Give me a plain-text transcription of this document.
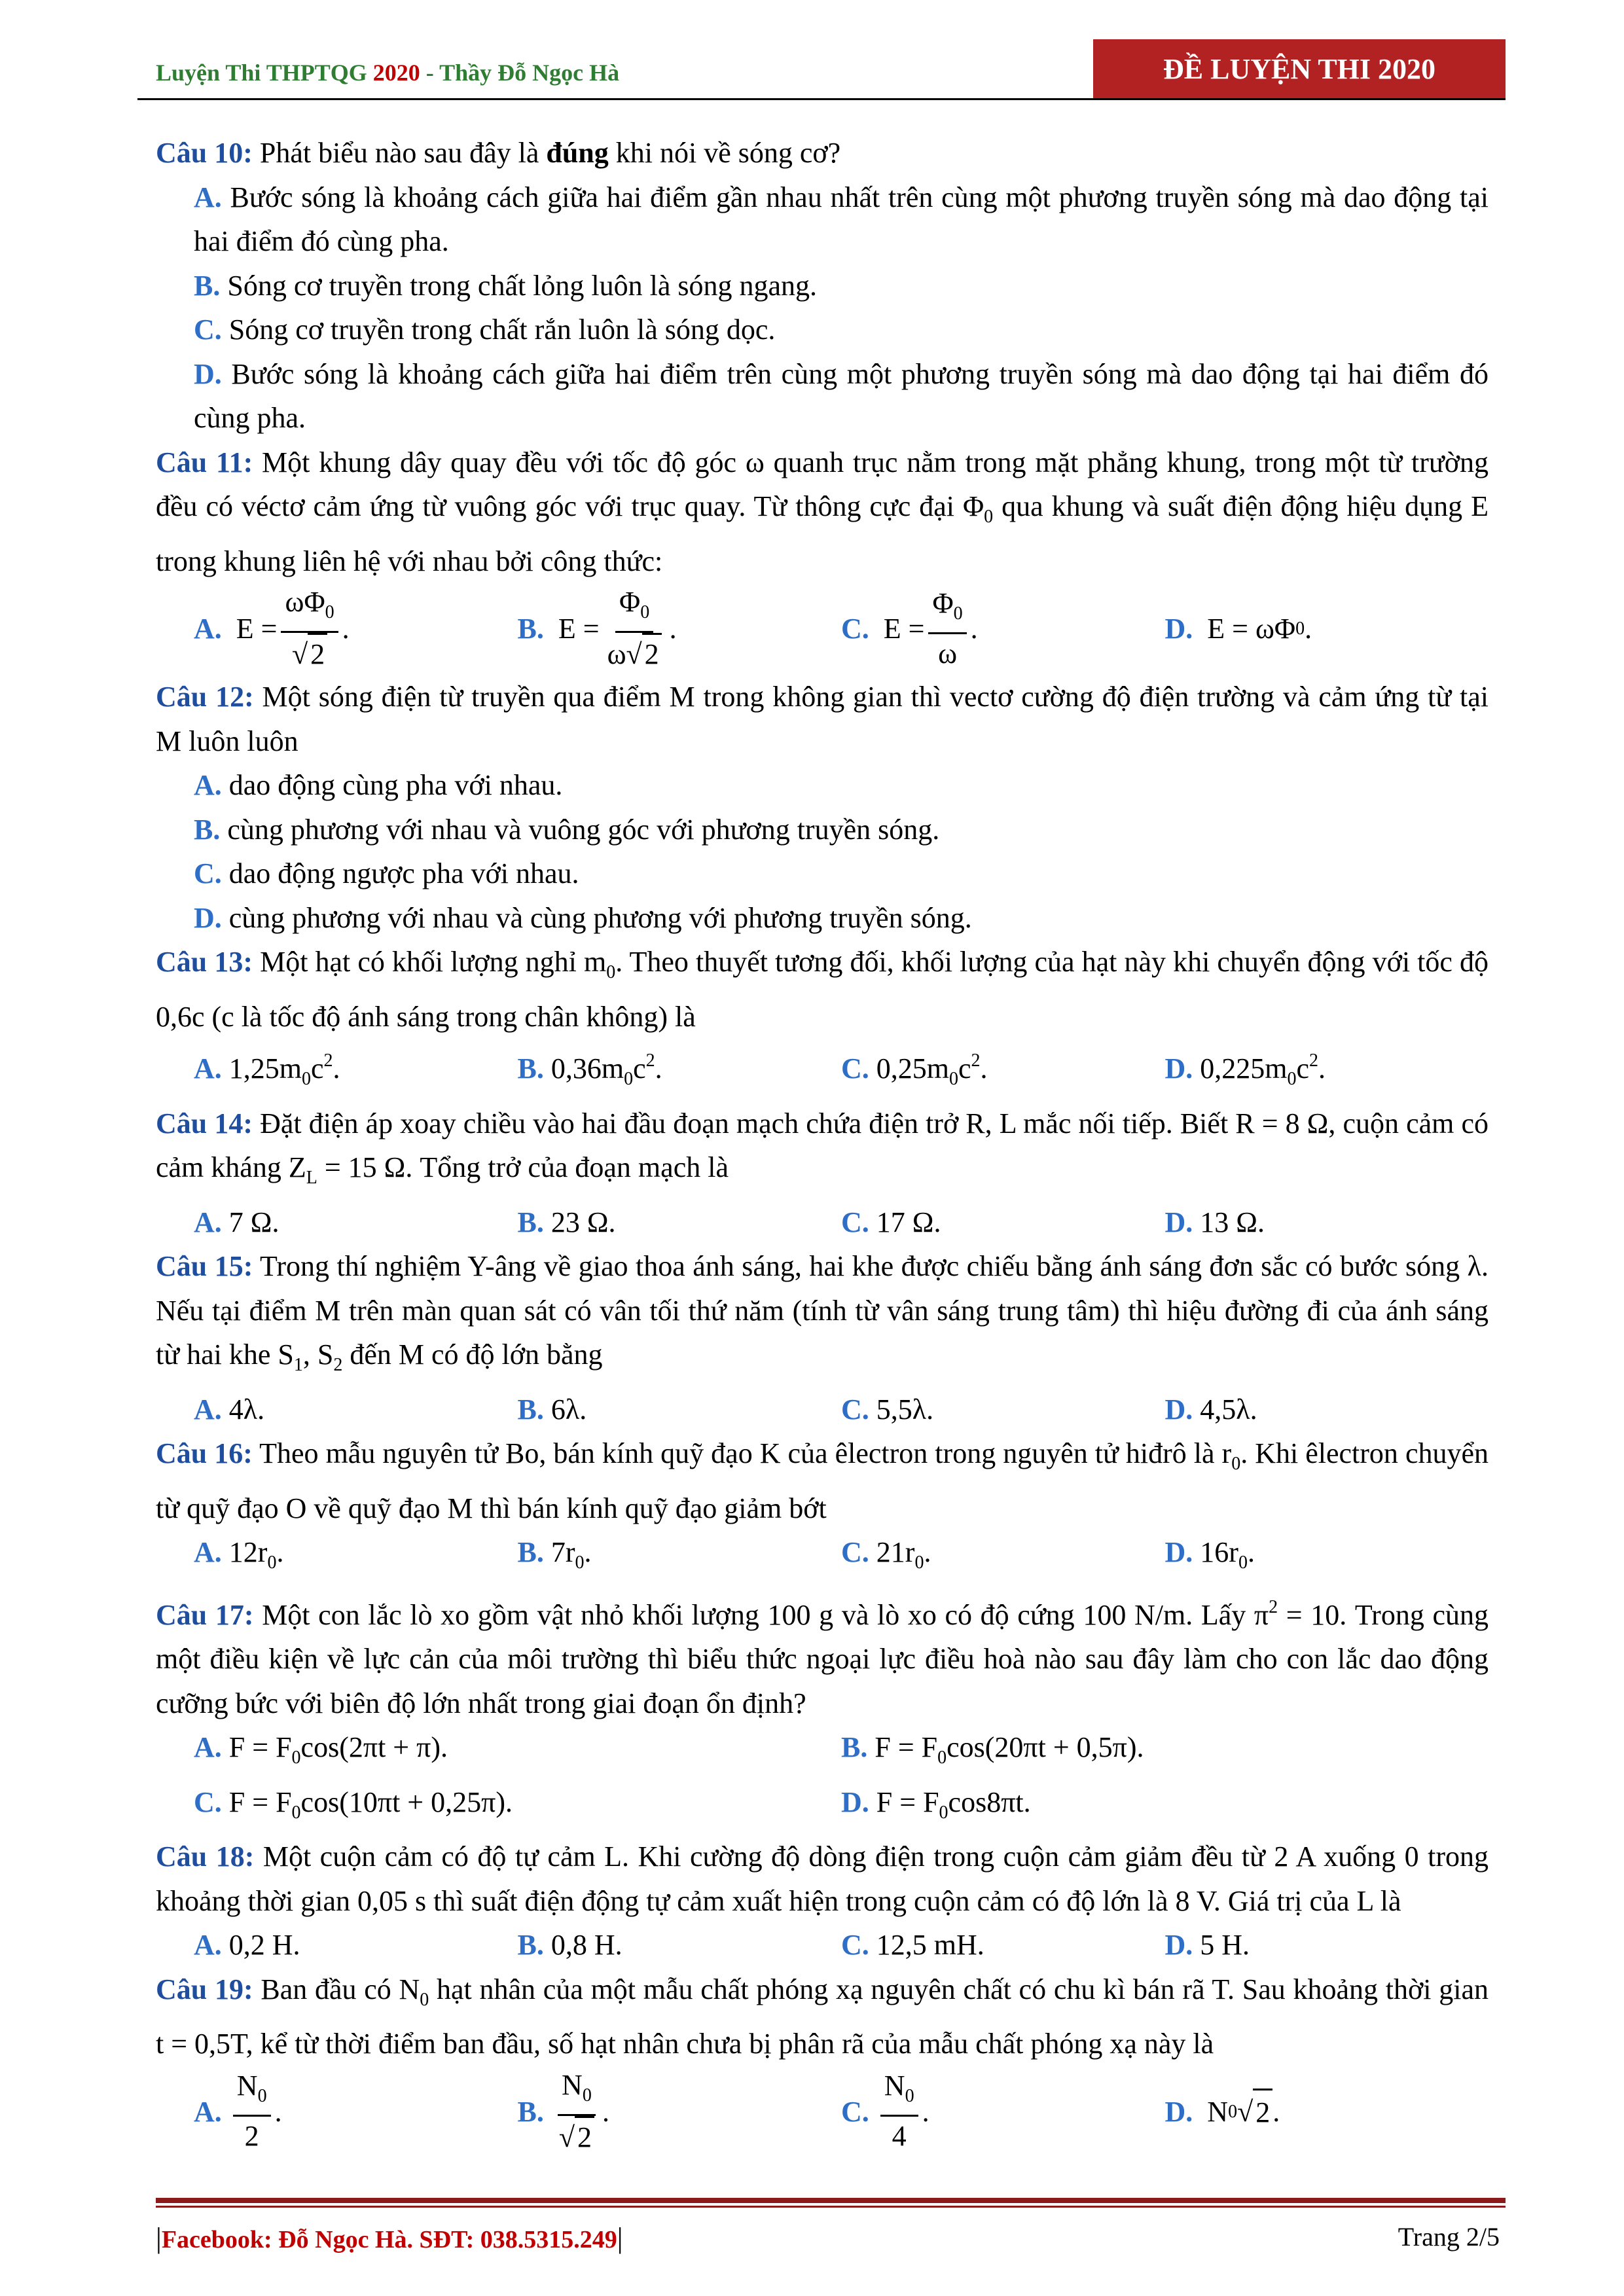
Luyện Thi THPTQG 2020 - Thầy Đỗ Ngọc Hà	ĐỀ LUYỆN THI 2020

Câu 10: Phát biểu nào sau đây là đúng khi nói về sóng cơ?

A. Bước sóng là khoảng cách giữa hai điểm gần nhau nhất trên cùng một phương truyền sóng mà dao động tại hai điểm đó cùng pha.

B. Sóng cơ truyền trong chất lỏng luôn là sóng ngang.

C. Sóng cơ truyền trong chất rắn luôn là sóng dọc.

D. Bước sóng là khoảng cách giữa hai điểm trên cùng một phương truyền sóng mà dao động tại hai điểm đó cùng pha.

Câu 11: Một khung dây quay đều với tốc độ góc ω quanh trục nằm trong mặt phẳng khung, trong một từ trường đều có véctơ cảm ứng từ vuông góc với trục quay. Từ thông cực đại $\Phi_0$ qua khung và suất điện động hiệu dụng E trong khung liên hệ với nhau bởi công thức:

A. E =
$\omega\Phi_0$
√2
.	B. E =
$\Phi_0$
ω√2
.	C. E =
$\Phi_0$
ω
.	D. E = ωΦ 0 .

Câu 12: Một sóng điện từ truyền qua điểm M trong không gian thì vectơ cường độ điện trường và cảm ứng từ tại M luôn luôn

A. dao động cùng pha với nhau.

B. cùng phương với nhau và vuông góc với phương truyền sóng.

C. dao động ngược pha với nhau.

D. cùng phương với nhau và cùng phương với phương truyền sóng.

Câu 13: Một hạt có khối lượng nghỉ $m_0$. Theo thuyết tương đối, khối lượng của hạt này khi chuyển động với tốc độ 0,6c (c là tốc độ ánh sáng trong chân không) là

A. $1,25m_0c^2$.	B. $0,36m_0c^2$.	C. $0,25m_0c^2$.	D. $0,225m_0c^2$.

Câu 14: Đặt điện áp xoay chiều vào hai đầu đoạn mạch chứa điện trở R, L mắc nối tiếp. Biết R = 8 Ω, cuộn cảm có cảm kháng $Z_L = 15$ Ω. Tổng trở của đoạn mạch là

A. 7 Ω.	B. 23 Ω.	C. 17 Ω.	D. 13 Ω.

Câu 15: Trong thí nghiệm Y-âng về giao thoa ánh sáng, hai khe được chiếu bằng ánh sáng đơn sắc có bước sóng λ. Nếu tại điểm M trên màn quan sát có vân tối thứ năm (tính từ vân sáng trung tâm) thì hiệu đường đi của ánh sáng từ hai khe $S_1$, $S_2$ đến M có độ lớn bằng

A. 4λ.	B. 6λ.	C. 5,5λ.	D. 4,5λ.

Câu 16: Theo mẫu nguyên tử Bo, bán kính quỹ đạo K của êlectron trong nguyên tử hiđrô là $r_0$. Khi êlectron chuyển từ quỹ đạo O về quỹ đạo M thì bán kính quỹ đạo giảm bớt

A. $12r_0$.	B. $7r_0$.	C. $21r_0$.	D. $16r_0$.

Câu 17: Một con lắc lò xo gồm vật nhỏ khối lượng 100 g và lò xo có độ cứng 100 N/m. Lấy $\pi^2 = 10$. Trong cùng một điều kiện về lực cản của môi trường thì biểu thức ngoại lực điều hoà nào sau đây làm cho con lắc dao động cưỡng bức với biên độ lớn nhất trong giai đoạn ổn định?

A. $F = F_0\cos(2\pi t + \pi)$.	B. $F = F_0\cos(20\pi t + 0,5\pi)$.
C. $F = F_0\cos(10\pi t + 0,25\pi)$.	D. $F = F_0\cos 8\pi t$.

Câu 18: Một cuộn cảm có độ tự cảm L. Khi cường độ dòng điện trong cuộn cảm giảm đều từ 2 A xuống 0 trong khoảng thời gian 0,05 s thì suất điện động tự cảm xuất hiện trong cuộn cảm có độ lớn là 8 V. Giá trị của L là

A. 0,2 H.	B. 0,8 H.	C. 12,5 mH.	D. 5 H.

Câu 19: Ban đầu có $N_0$ hạt nhân của một mẫu chất phóng xạ nguyên chất có chu kì bán rã T. Sau khoảng thời gian t = 0,5T, kể từ thời điểm ban đầu, số hạt nhân chưa bị phân rã của mẫu chất phóng xạ này là

A.

$N_0$
2
.	B.

$N_0$
√2
.	C.

$N_0$
4
.	D. N 0 √ 2 .
|Facebook: Đỗ Ngọc Hà. SĐT: 038.5315.249|	Trang 2/5
